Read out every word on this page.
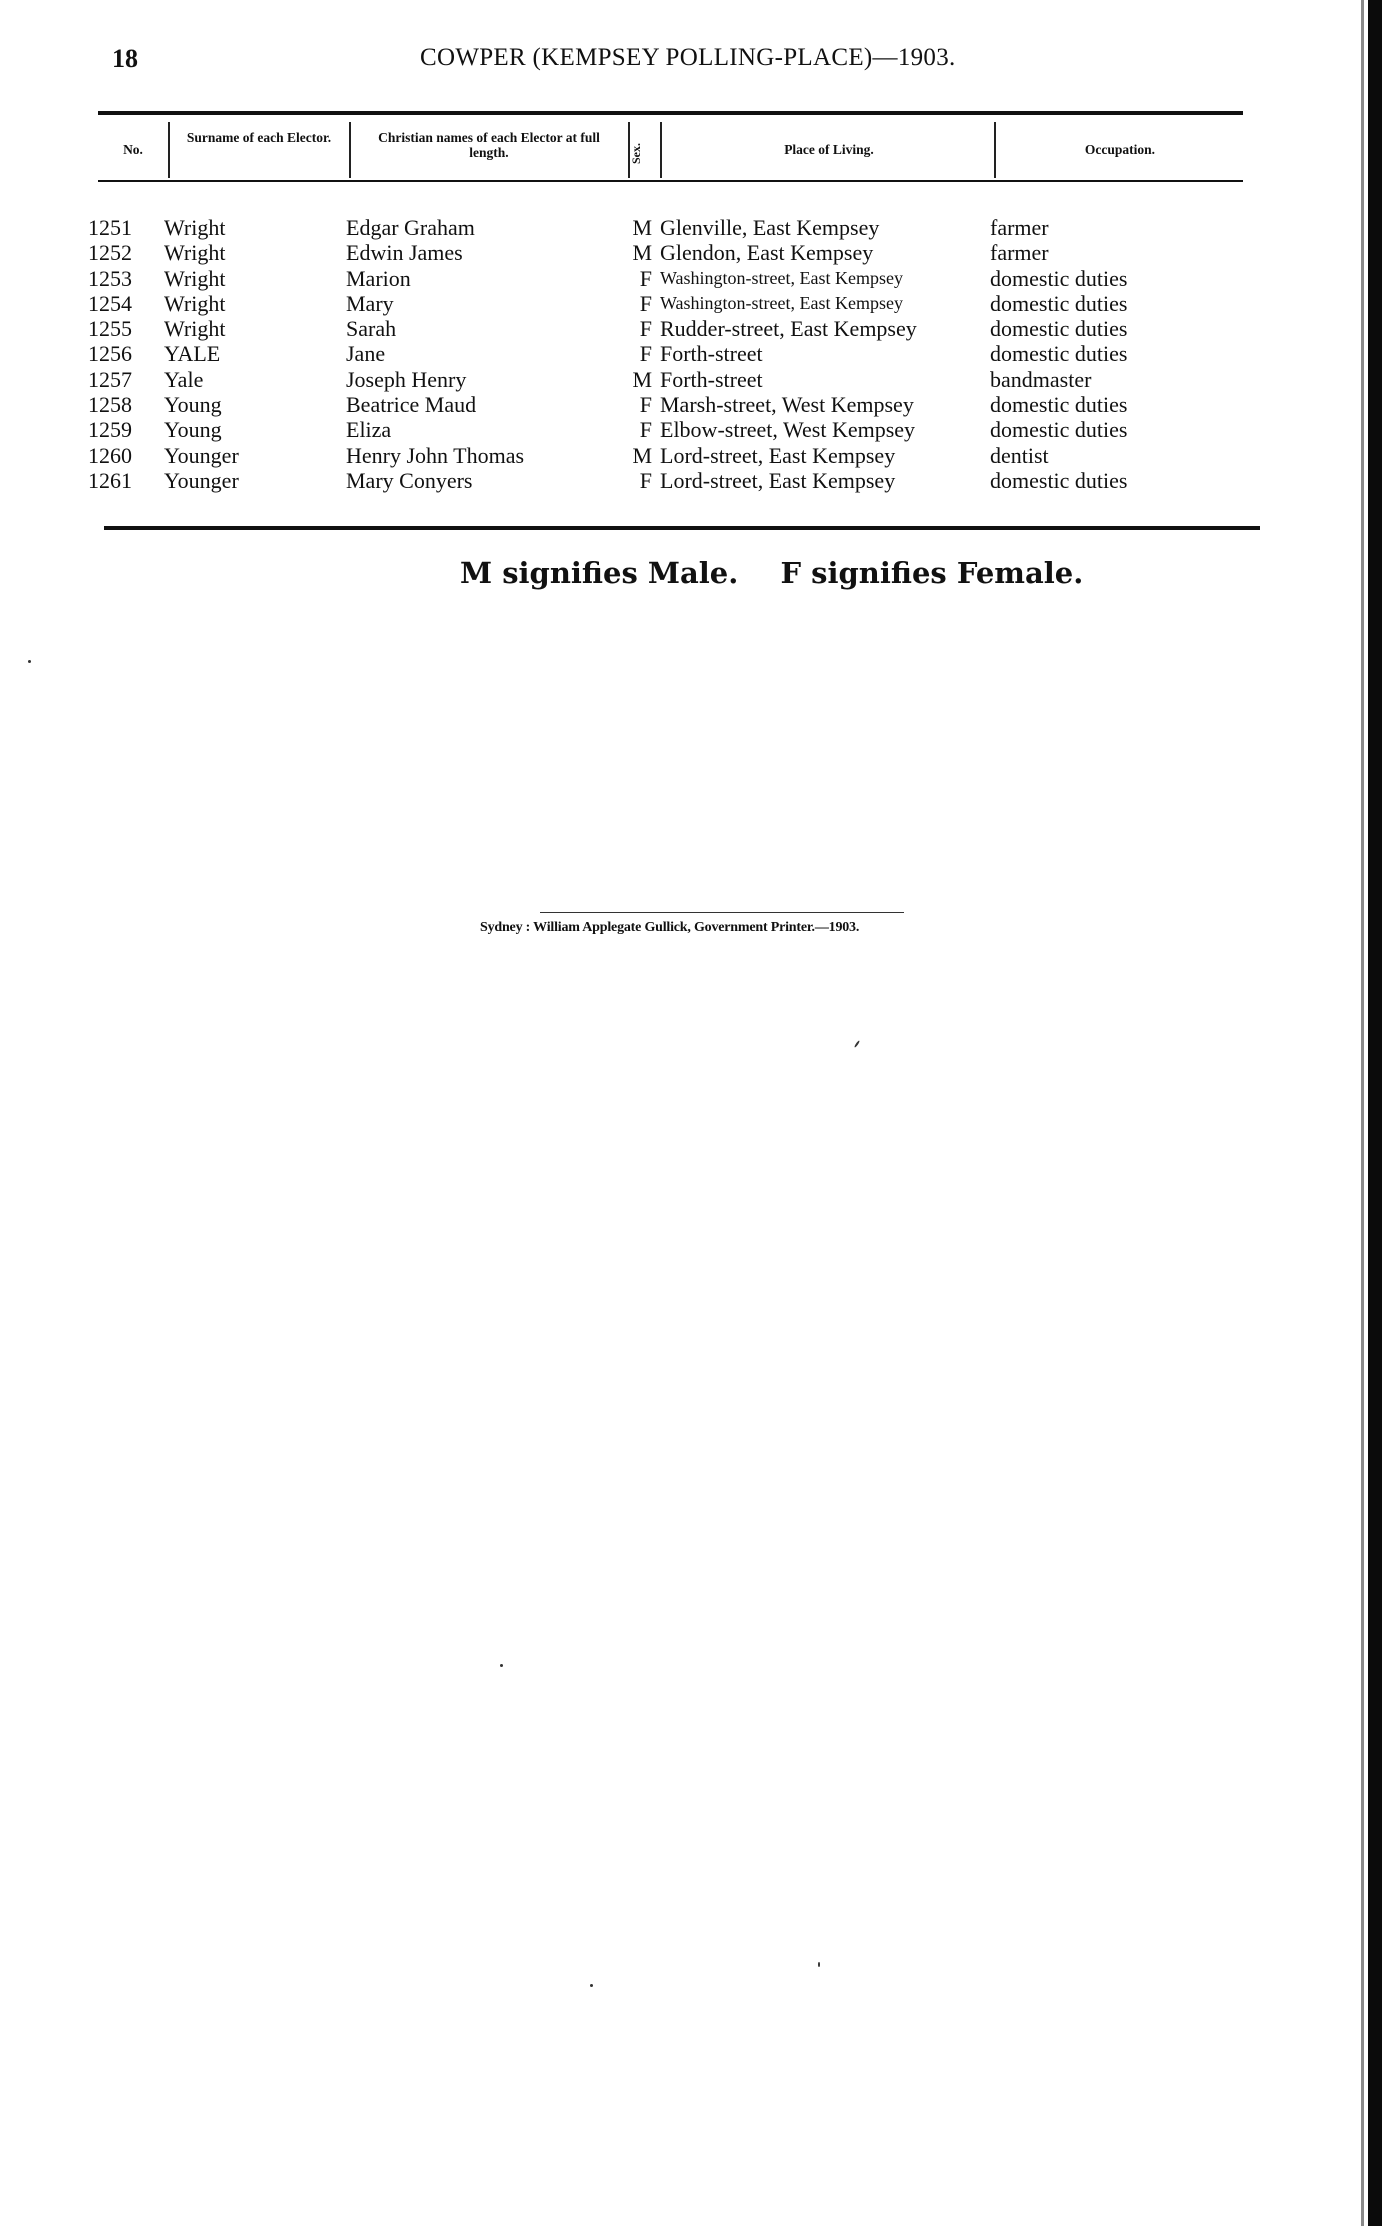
18	COWPER (KEMPSEY POLLING-PLACE)—1903.
No.
Surname of each Elector.	Christian names of each Elector at full length.	Sex.	Place of Living.	Occupation.
1251 Wright	Edgar Graham	M Glenville, East Kempsey	farmer
1252 Wright	Edwin James	M Glendon, East Kempsey	farmer
1253 Wright	Marion	F Washington-street, East Kempsey	domestic duties
1254 Wright	Mary	F Washington-street, East Kempsey	domestic duties
1255 Wright	Sarah	F Rudder-street, East Kempsey	domestic duties
1256 YALE	Jane	F Forth-street	domestic duties
1257 Yale	Joseph Henry	M Forth-street	bandmaster
1258 Young	Beatrice Maud	F Marsh-street, West Kempsey	domestic duties
1259 Young	Eliza	F Elbow-street, West Kempsey	domestic duties
1260 Younger	Henry John Thomas	M Lord-street, East Kempsey	dentist
1261 Younger	Mary Conyers	F Lord-street, East Kempsey	domestic duties
M signifies Male. F signifies Female.
Sydney : William Applegate Gullick, Government Printer.—1903.
